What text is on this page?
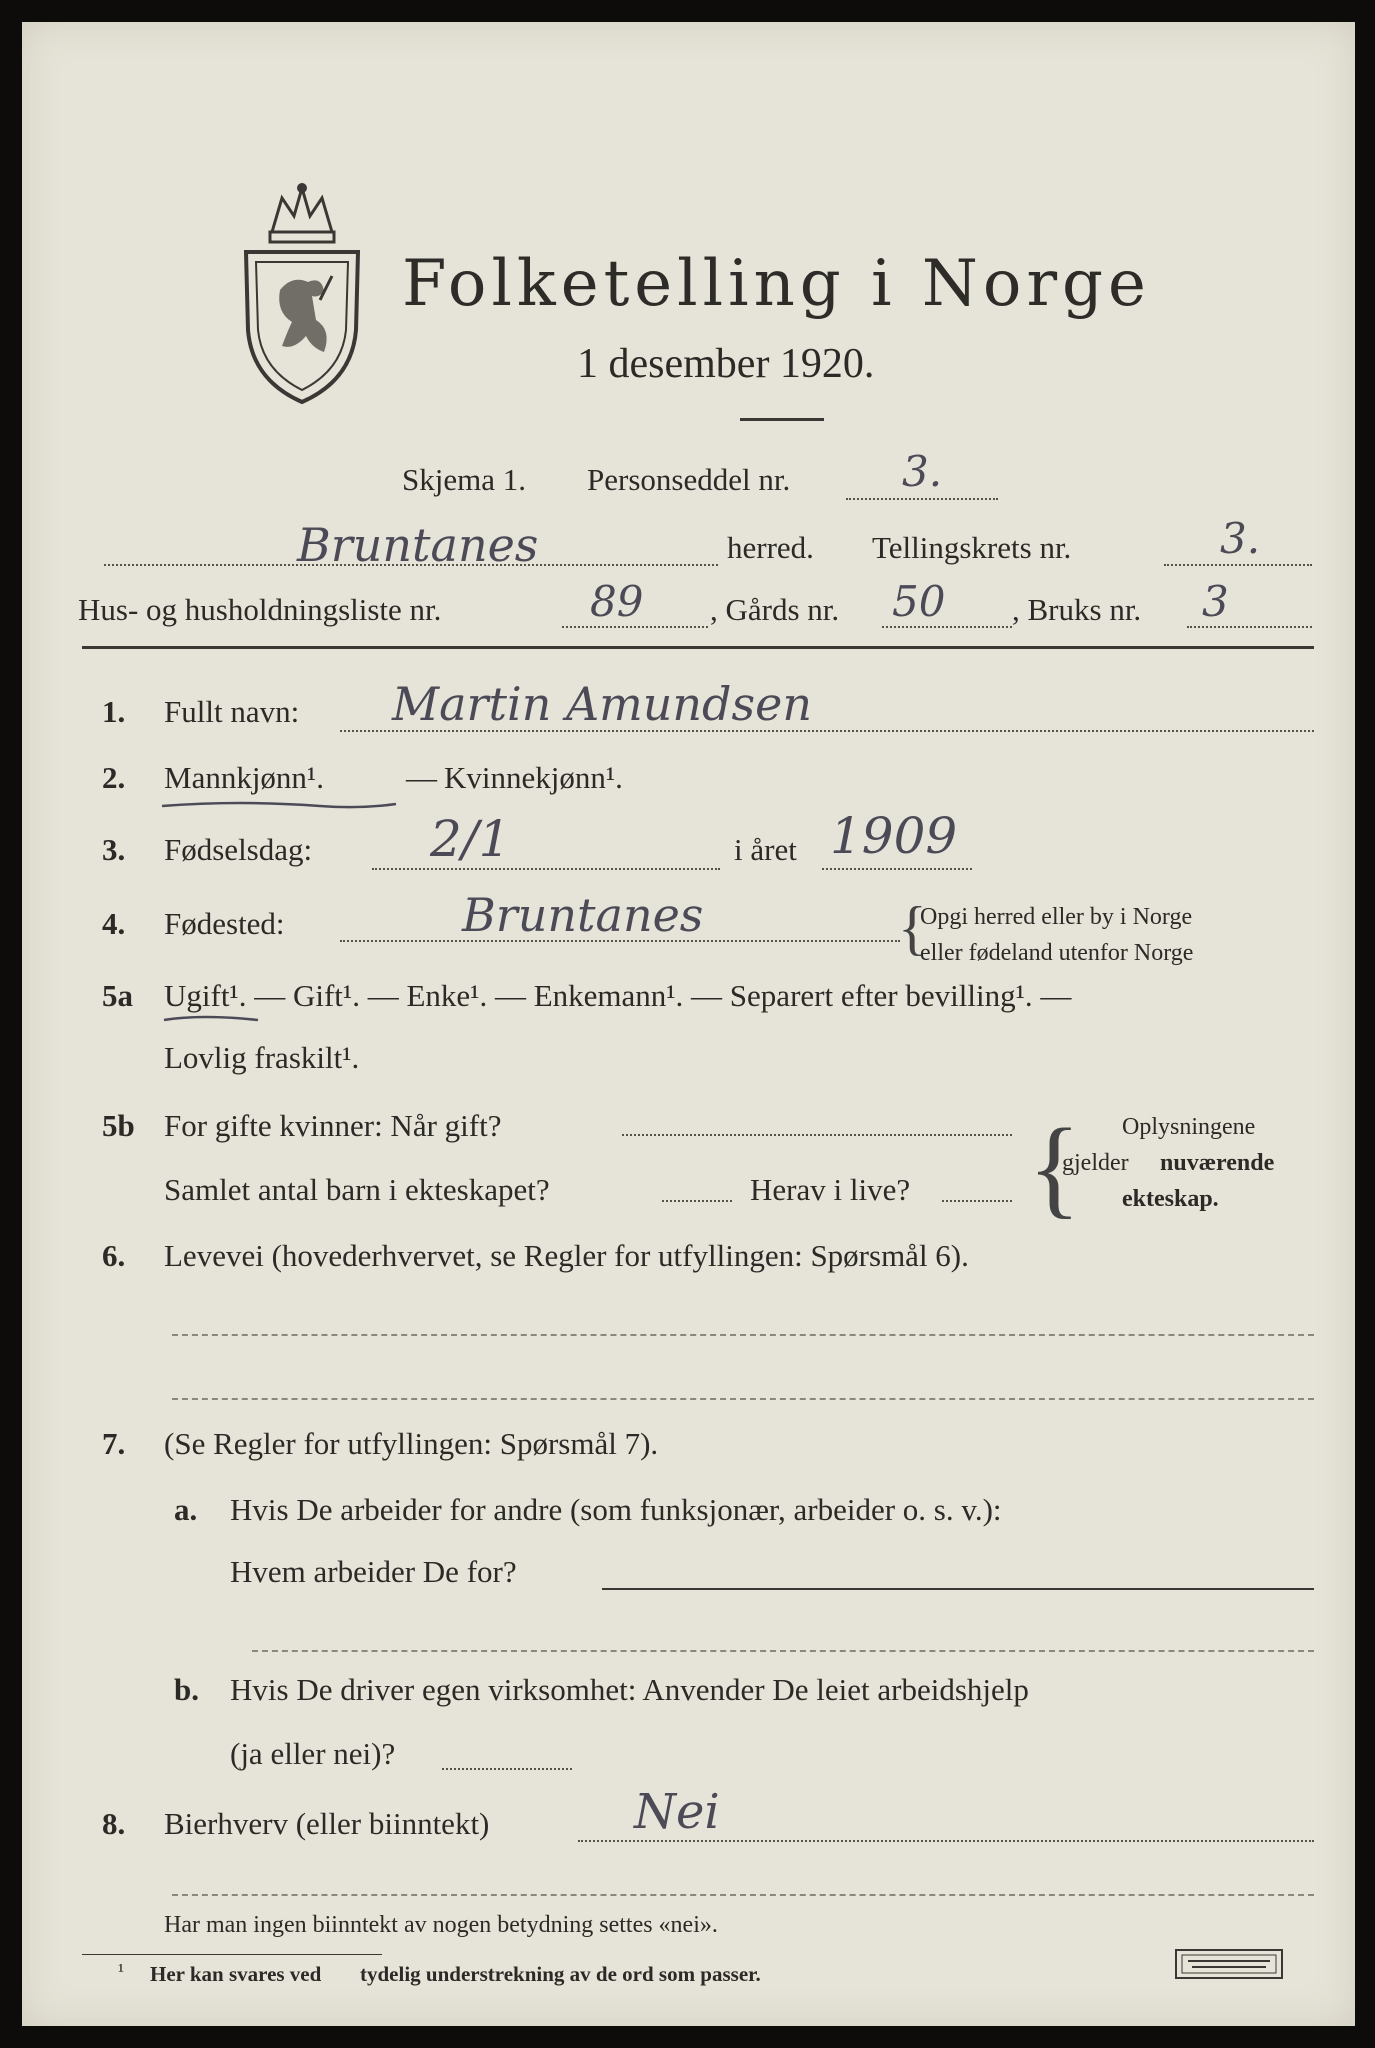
Folketelling i Norge
1 desember 1920.
Skjema 1. Personseddel nr.	3.
Bruntanes	herred. Tellingskrets nr.	3.
Hus- og husholdningsliste nr.	89 , Gårds nr. 50 , Bruks nr. 3
1. Fullt navn: Martin Amundsen
2. Mannkjønn¹.	— Kvinnekjønn¹.
3. Fødselsdag: 2/1	i året 1909
4. Fødested:	Bruntanes	{
Opgi herred eller by i Norge
eller fødeland utenfor Norge
5a Ugift¹. — Gift¹. — Enke¹. — Enkemann¹. — Separert efter bevilling¹. —
Lovlig fraskilt¹.
5b For gifte kvinner: Når gift?
Samlet antal barn i ekteskapet?	Herav i live? { Oplysningene
gjelder nuværende
ekteskap.
6. Levevei (hovederhvervet, se Regler for utfyllingen: Spørsmål 6).
7. (Se Regler for utfyllingen: Spørsmål 7).
a. Hvis De arbeider for andre (som funksjonær, arbeider o. s. v.):
Hvem arbeider De for?
b. Hvis De driver egen virksomhet: Anvender De leiet arbeidshjelp
(ja eller nei)?
8. Bierhverv (eller biinntekt)	Nei
Har man ingen biinntekt av nogen betydning settes «nei».
¹ Her kan svares ved tydelig understrekning av de ord som passer.
